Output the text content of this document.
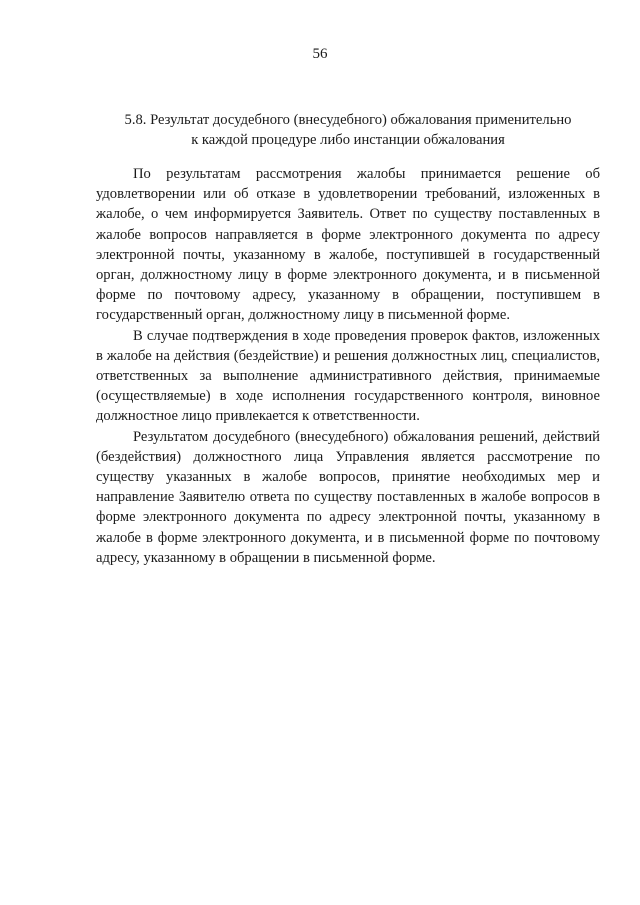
56
5.8. Результат досудебного (внесудебного) обжалования применительно
к каждой процедуре либо инстанции обжалования

По результатам рассмотрения жалобы принимается решение об удовлетворении или об отказе в удовлетворении требований, изложенных в жалобе, о чем информируется Заявитель. Ответ по существу поставленных в жалобе вопросов направляется в форме электронного документа по адресу электронной почты, указанному в жалобе, поступившей в государственный орган, должностному лицу в форме электронного документа, и в письменной форме по почтовому адресу, указанному в обращении, поступившем в государственный орган, должностному лицу в письменной форме.

В случае подтверждения в ходе проведения проверок фактов, изложенных в жалобе на действия (бездействие) и решения должностных лиц, специалистов, ответственных за выполнение административного действия, принимаемые (осуществляемые) в ходе исполнения государственного контроля, виновное должностное лицо привлекается к ответственности.

Результатом досудебного (внесудебного) обжалования решений, действий (бездействия) должностного лица Управления является рассмотрение по существу указанных в жалобе вопросов, принятие необходимых мер и направление Заявителю ответа по существу поставленных в жалобе вопросов в форме электронного документа по адресу электронной почты, указанному в жалобе в форме электронного документа, и в письменной форме по почтовому адресу, указанному в обращении в письменной форме.
